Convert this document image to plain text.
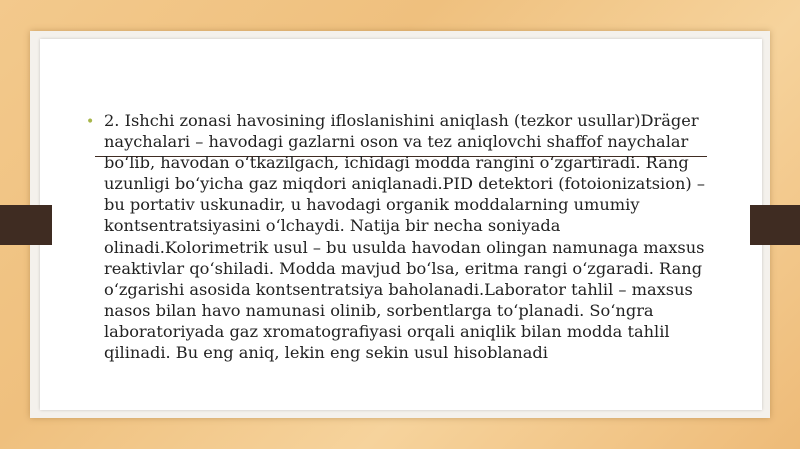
• 2. Ishchi zonasi havosining ifloslanishini aniqlash (tezkor usullar)Dräger naychalari – havodagi gazlarni oson va tez aniqlovchi shaffof naychalar bo‘lib, havodan o‘tkazilgach, ichidagi modda rangini o‘zgartiradi. Rang uzunligi bo‘yicha gaz miqdori aniqlanadi.PID detektori (fotoionizatsion) – bu portativ uskunadir, u havodagi organik moddalarning umumiy kontsentratsiyasini o‘lchaydi. Natija bir necha soniyada olinadi.Kolorimetrik usul – bu usulda havodan olingan namunaga maxsus reaktivlar qo‘shiladi. Modda mavjud bo‘lsa, eritma rangi o‘zgaradi. Rang o‘zgarishi asosida kontsentratsiya baholanadi.Laborator tahlil – maxsus nasos bilan havo namunasi olinib, sorbentlarga to‘planadi. So‘ngra laboratoriyada gaz xromatografiyasi orqali aniqlik bilan modda tahlil qilinadi. Bu eng aniq, lekin eng sekin usul hisoblanadi
